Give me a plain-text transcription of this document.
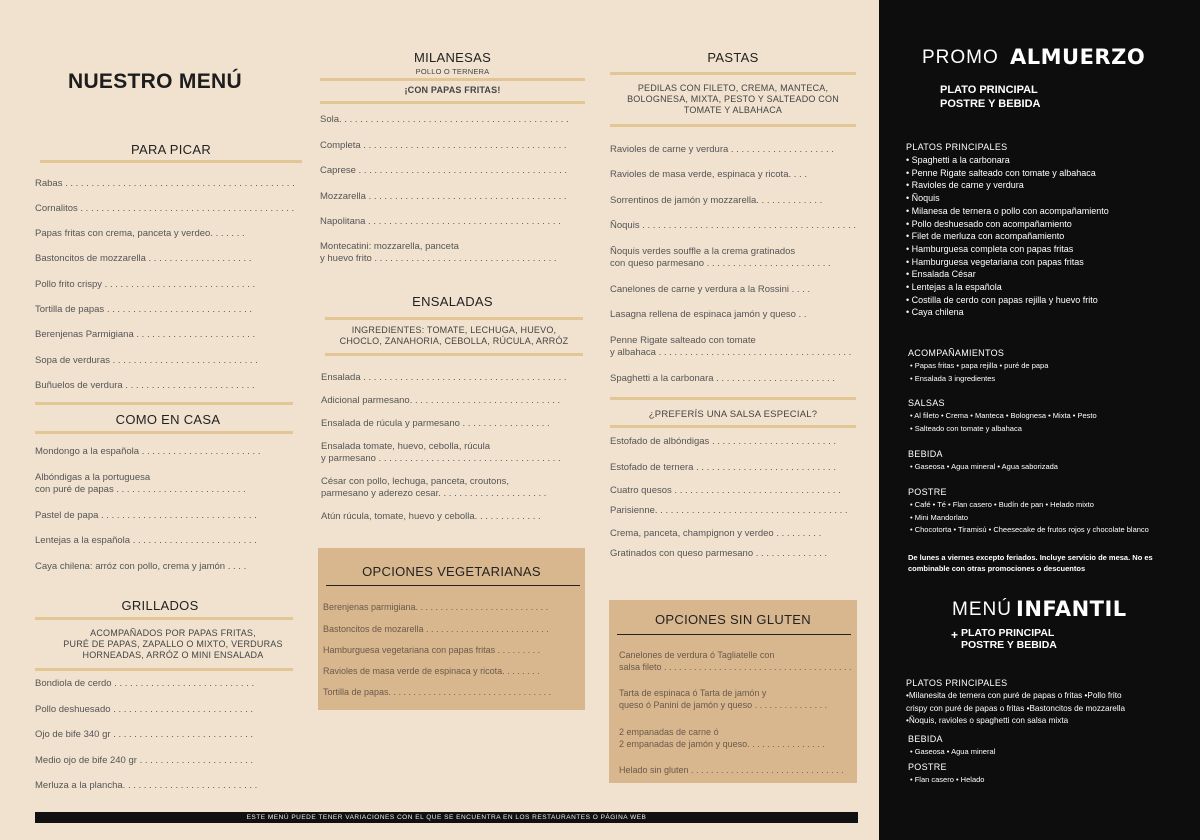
NUESTRO MENÚ
PARA PICAR
Rabas . . . . . . . . . . . . . . . . . . . . . . . . . . . . . . . . . . . . . . . . . . . .
Cornalitos . . . . . . . . . . . . . . . . . . . . . . . . . . . . . . . . . . . . . . . . .
Papas fritas con crema, panceta y verdeo. . . . . . .
Bastoncitos de mozzarella . . . . . . . . . . . . . . . . . . . .
Pollo frito crispy . . . . . . . . . . . . . . . . . . . . . . . . . . . . .
Tortilla de papas . . . . . . . . . . . . . . . . . . . . . . . . . . . .
Berenjenas Parmigiana . . . . . . . . . . . . . . . . . . . . . . .
Sopa de verduras . . . . . . . . . . . . . . . . . . . . . . . . . . . .
Buñuelos de verdura . . . . . . . . . . . . . . . . . . . . . . . . .
COMO EN CASA
Mondongo a la española . . . . . . . . . . . . . . . . . . . . . . .
Albóndigas a la portuguesa
con puré de papas . . . . . . . . . . . . . . . . . . . . . . . . .
Pastel de papa . . . . . . . . . . . . . . . . . . . . . . . . . . . . . .
Lentejas a la española . . . . . . . . . . . . . . . . . . . . . . . .
Caya chilena: arróz con pollo, crema y jamón . . . .
GRILLADOS
ACOMPAÑADOS POR PAPAS FRITAS,
PURÉ DE PAPAS, ZAPALLO O MIXTO, VERDURAS
HORNEADAS, ARRÓZ O MINI ENSALADA
Bondiola de cerdo . . . . . . . . . . . . . . . . . . . . . . . . . . .
Pollo deshuesado . . . . . . . . . . . . . . . . . . . . . . . . . . .
Ojo de bife 340 gr . . . . . . . . . . . . . . . . . . . . . . . . . . .
Medio ojo de bife 240 gr . . . . . . . . . . . . . . . . . . . . . .
Merluza a la plancha. . . . . . . . . . . . . . . . . . . . . . . . . .
MILANESAS
POLLO O TERNERA
¡CON PAPAS FRITAS!
Sola. . . . . . . . . . . . . . . . . . . . . . . . . . . . . . . . . . . . . . . . . . . .
Completa . . . . . . . . . . . . . . . . . . . . . . . . . . . . . . . . . . . . . . .
Caprese . . . . . . . . . . . . . . . . . . . . . . . . . . . . . . . . . . . . . . . .
Mozzarella . . . . . . . . . . . . . . . . . . . . . . . . . . . . . . . . . . . . . .
Napolitana . . . . . . . . . . . . . . . . . . . . . . . . . . . . . . . . . . . . .
Montecatini: mozzarella, panceta
y huevo frito . . . . . . . . . . . . . . . . . . . . . . . . . . . . . . . . . . .
ENSALADAS
INGREDIENTES: TOMATE, LECHUGA, HUEVO,
CHOCLO, ZANAHORIA, CEBOLLA, RÚCULA, ARRÓZ
Ensalada . . . . . . . . . . . . . . . . . . . . . . . . . . . . . . . . . . . . . . .
Adicional parmesano. . . . . . . . . . . . . . . . . . . . . . . . . . . . .
Ensalada de rúcula y parmesano . . . . . . . . . . . . . . . . .
Ensalada tomate, huevo, cebolla, rúcula
y parmesano . . . . . . . . . . . . . . . . . . . . . . . . . . . . . . . . . . .
César con pollo, lechuga, panceta, croutons,
parmesano y aderezo cesar. . . . . . . . . . . . . . . . . . . . .
Atún rúcula, tomate, huevo y cebolla. . . . . . . . . . . . .
OPCIONES VEGETARIANAS
Berenjenas parmigiana. . . . . . . . . . . . . . . . . . . . . . . . . . .
Bastoncitos de mozarella . . . . . . . . . . . . . . . . . . . . . . . . .
Hamburguesa vegetariana con papas fritas . . . . . . . . .
Ravioles de masa verde de espinaca y ricota. . . . . . . .
Tortilla de papas. . . . . . . . . . . . . . . . . . . . . . . . . . . . . . . . .
PASTAS
PEDILAS CON FILETO, CREMA, MANTECA,
BOLOGNESA, MIXTA, PESTO Y SALTEADO CON
TOMATE Y ALBAHACA
Ravioles de carne y verdura . . . . . . . . . . . . . . . . . . . .
Ravioles de masa verde, espinaca y ricota. . . .
Sorrentinos de jamón y mozzarella. . . . . . . . . . . . .
Ñoquis . . . . . . . . . . . . . . . . . . . . . . . . . . . . . . . . . . . . . . . . .
Ñoquis verdes souffle a la crema gratinados
con queso parmesano . . . . . . . . . . . . . . . . . . . . . . . .
Canelones de carne y verdura a la Rossini . . . .
Lasagna rellena de espinaca jamón y queso . .
Penne Rigate salteado con tomate
y albahaca . . . . . . . . . . . . . . . . . . . . . . . . . . . . . . . . . . . . .
Spaghetti a la carbonara . . . . . . . . . . . . . . . . . . . . . . .
¿PREFERÍS UNA SALSA ESPECIAL?
Estofado de albóndigas . . . . . . . . . . . . . . . . . . . . . . . .
Estofado de ternera . . . . . . . . . . . . . . . . . . . . . . . . . . .
Cuatro quesos . . . . . . . . . . . . . . . . . . . . . . . . . . . . . . . .
Parisienne. . . . . . . . . . . . . . . . . . . . . . . . . . . . . . . . . . . . .
Crema, panceta, champignon y verdeo . . . . . . . . .
Gratinados con queso parmesano . . . . . . . . . . . . . .
OPCIONES SIN GLUTEN
Canelones de verdura ó Tagliatelle con
salsa fileto . . . . . . . . . . . . . . . . . . . . . . . . . . . . . . . . . . . . . .
Tarta de espinaca ó Tarta de jamón y
queso ó Panini de jamón y queso . . . . . . . . . . . . . . .
2 empanadas de carne ó
2 empanadas de jamón y queso. . . . . . . . . . . . . . . .
Helado sin gluten . . . . . . . . . . . . . . . . . . . . . . . . . . . . . . .
ESTE MENÚ PUEDE TENER VARIACIONES CON EL QUE SE ENCUENTRA EN LOS RESTAURANTES O PÁGINA WEB
PROMO ALMUERZO
PLATO PRINCIPAL
POSTRE Y BEBIDA
PLATOS PRINCIPALES
• Spaghetti a la carbonara
• Penne Rigate salteado con tomate y albahaca
• Ravioles de carne y verdura
• Ñoquis
• Milanesa de ternera o pollo con acompañamiento
• Pollo deshuesado con acompañamiento
• Filet de merluza con acompañamiento
• Hamburguesa completa con papas fritas
• Hamburguesa vegetariana con papas fritas
• Ensalada César
• Lentejas a la española
• Costilla de cerdo con papas rejilla y huevo frito
• Caya chilena
ACOMPAÑAMIENTOS
• Papas fritas • papa rejilla • puré de papa
• Ensalada 3 ingredientes
SALSAS
• Al fileto • Crema • Manteca • Bolognesa • Mixta • Pesto
• Salteado con tomate y albahaca
BEBIDA
• Gaseosa • Agua mineral • Agua saborizada
POSTRE
• Café • Té • Flan casero • Budín de pan • Helado mixto
• Mini Mandorlato
• Chocotorta • Tiramisú • Cheesecake de frutos rojos y chocolate blanco
De lunes a viernes excepto feriados. Incluye servicio de mesa. No es
combinable con otras promociones o descuentos
MENÚ INFANTIL
+ PLATO PRINCIPAL
POSTRE Y BEBIDA
PLATOS PRINCIPALES
•Milanesita de ternera con puré de papas o fritas •Pollo frito
crispy con puré de papas o fritas •Bastoncitos de mozzarella
•Ñoquis, ravioles o spaghetti con salsa mixta
BEBIDA
• Gaseosa • Agua mineral
POSTRE
• Flan casero • Helado
